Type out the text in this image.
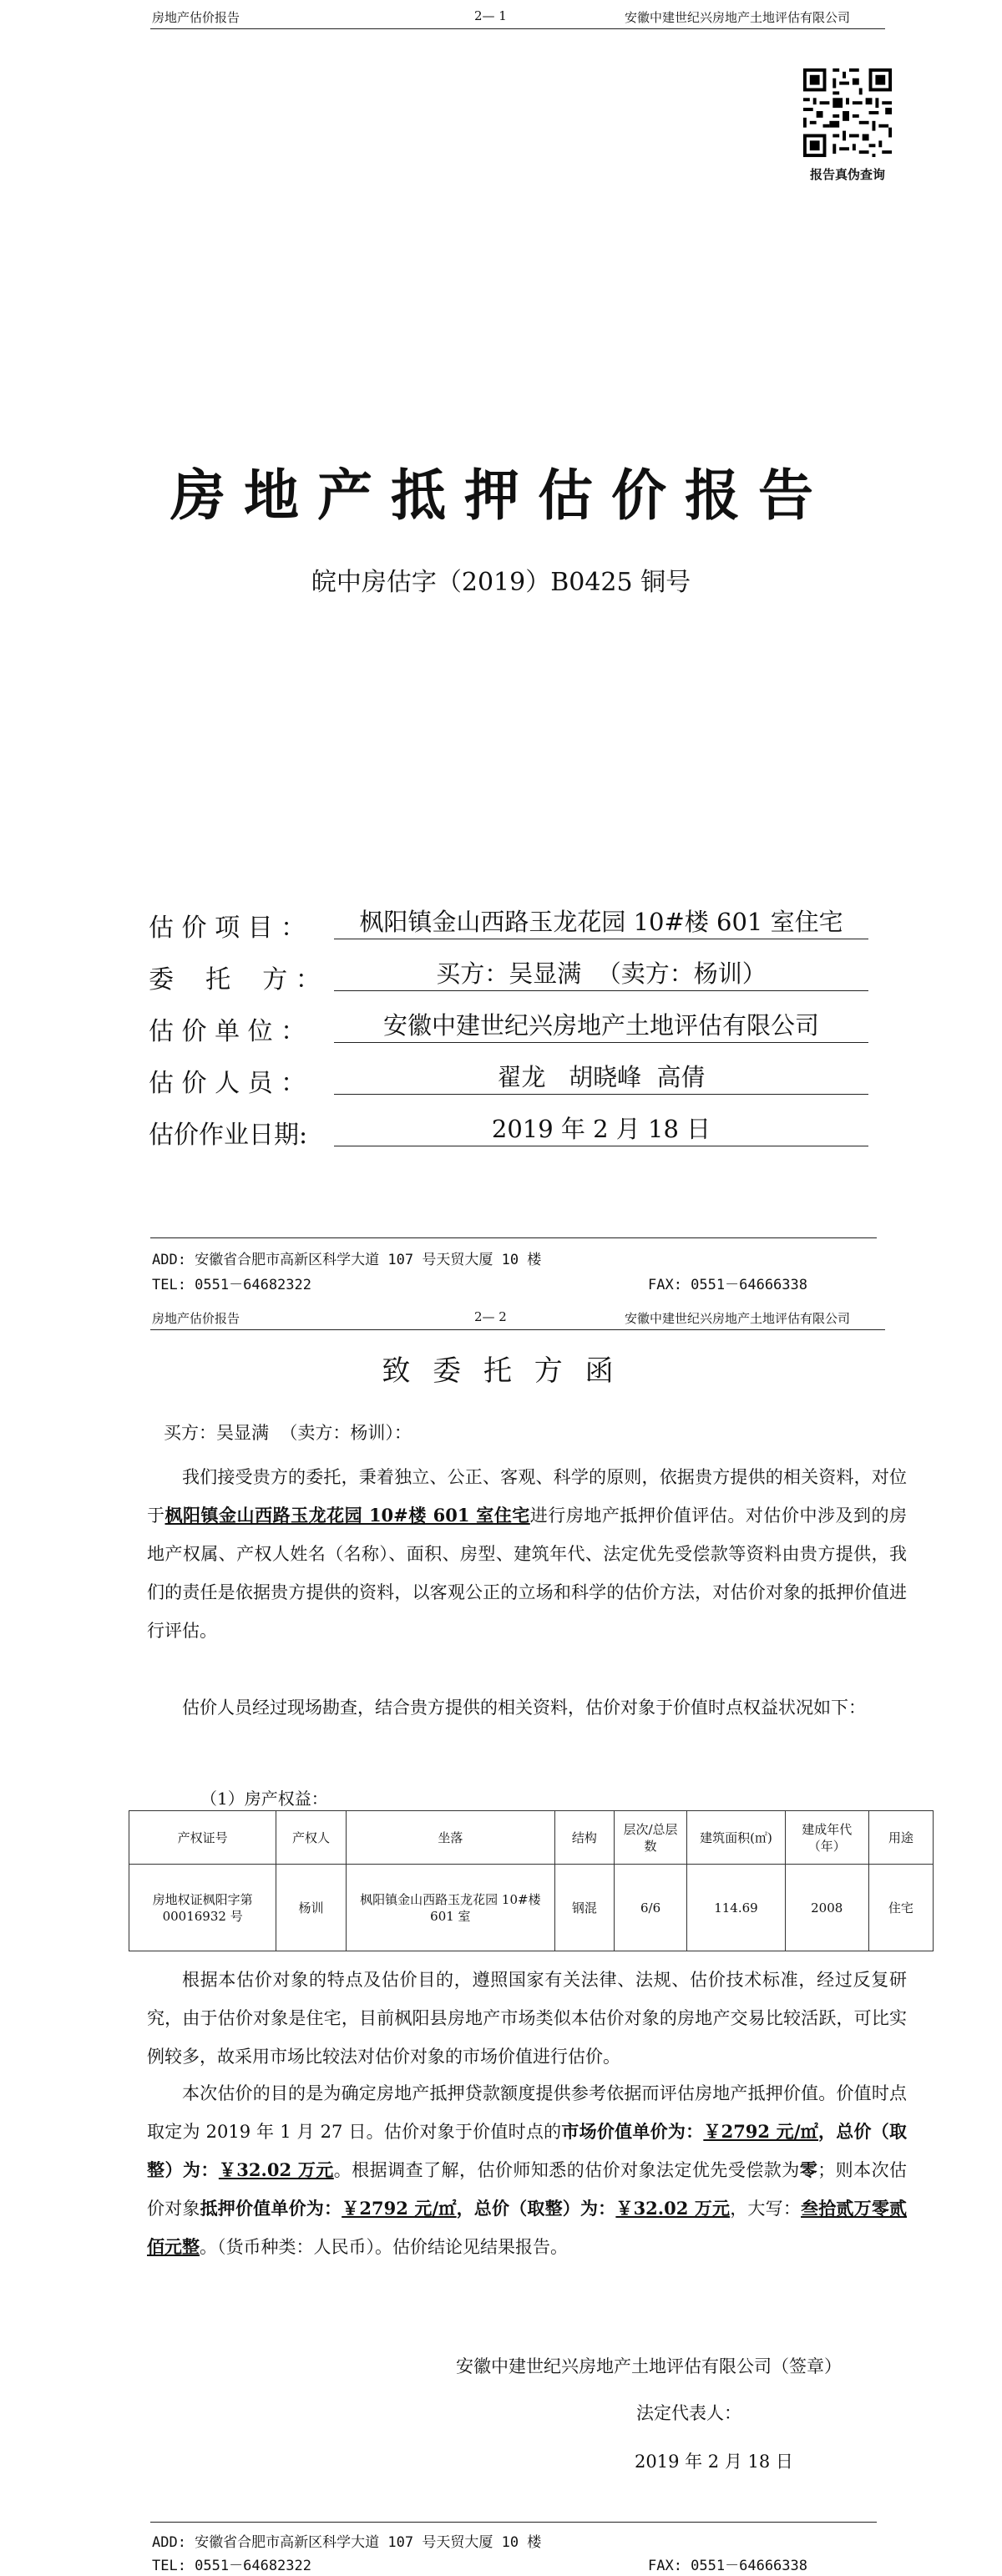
房地产估价报告	2— 1	安徽中建世纪兴房地产土地评估有限公司
报告真伪查询
房地产抵押估价报告
皖中房估字（2019）B0425 铜号
估 价 项 目 ：	枫阳镇金山西路玉龙花园 10#楼 601 室住宅
委    托    方 ：	买方：吴显满  （卖方：杨训）
估 价 单 位 ：	安徽中建世纪兴房地产土地评估有限公司
估 价 人 员 ：	翟龙   胡晓峰  高倩
估价作业日期:	2019 年 2 月 18 日
ADD: 安徽省合肥市高新区科学大道 107 号天贸大厦 10 楼
TEL: 0551－64682322	FAX: 0551－64666338
房地产估价报告	2— 2	安徽中建世纪兴房地产土地评估有限公司
致 委 托 方 函
买方：吴显满  （卖方：杨训）：

我们接受贵方的委托，秉着独立、公正、客观、科学的原则，依据贵方提供的相关资料，对位于枫阳镇金山西路玉龙花园 10#楼 601 室住宅进行房地产抵押价值评估。对估价中涉及到的房地产权属、产权人姓名（名称）、面积、房型、建筑年代、法定优先受偿款等资料由贵方提供，我们的责任是依据贵方提供的资料，以客观公正的立场和科学的估价方法，对估价对象的抵押价值进行评估。

估价人员经过现场勘查，结合贵方提供的相关资料，估价对象于价值时点权益状况如下：

（1）房产权益：
产权证号	产权人	坐落	结构	层次/总层数	建筑面积(㎡)	建成年代（年）	用途
房地权证枫阳字第 00016932 号	杨训	枫阳镇金山西路玉龙花园 10#楼 601 室	钢混	6/6	114.69	2008	住宅

根据本估价对象的特点及估价目的，遵照国家有关法律、法规、估价技术标准，经过反复研究，由于估价对象是住宅，目前枫阳县房地产市场类似本估价对象的房地产交易比较活跃，可比实例较多，故采用市场比较法对估价对象的市场价值进行估价。

本次估价的目的是为确定房地产抵押贷款额度提供参考依据而评估房地产抵押价值。价值时点取定为 2019 年 1 月 27 日。估价对象于价值时点的市场价值单价为：￥2792 元/㎡，总价（取整）为：￥32.02 万元。根据调查了解，估价师知悉的估价对象法定优先受偿款为零；则本次估价对象抵押价值单价为：￥2792 元/㎡，总价（取整）为：￥32.02 万元，大写：叁拾贰万零贰佰元整。（货币种类：人民币）。估价结论见结果报告。

安徽中建世纪兴房地产土地评估有限公司（签章）
法定代表人：
2019 年 2 月 18 日
ADD: 安徽省合肥市高新区科学大道 107 号天贸大厦 10 楼
TEL: 0551－64682322	FAX: 0551－64666338
